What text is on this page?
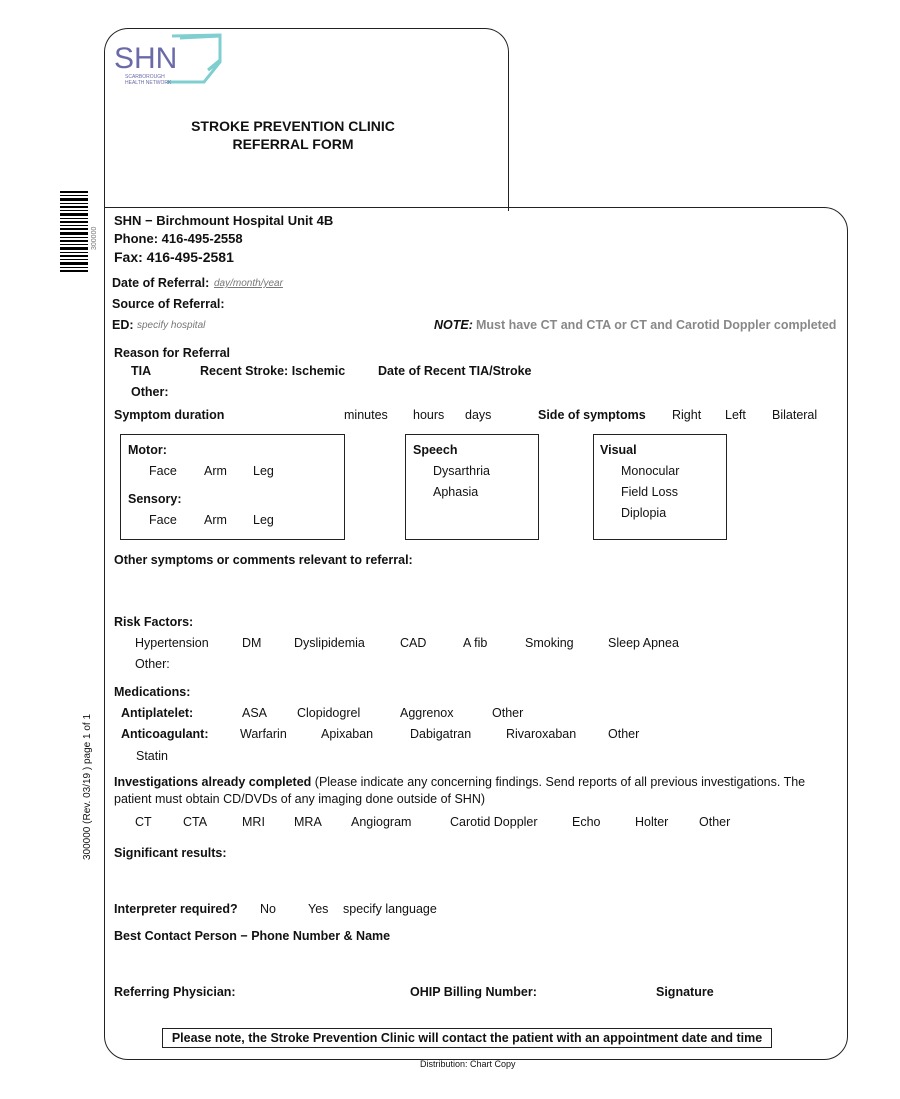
SHN
SCARBOROUGH
HEALTH NETWORK
STROKE PREVENTION CLINIC
REFERRAL FORM
300000
300000 (Rev. 03/19 ) page 1 of 1
SHN − Birchmount Hospital Unit 4B
Phone: 416-495-2558
Fax: 416-495-2581
Date of Referral: day/month/year
Source of Referral:
ED: specify hospital	NOTE: Must have CT and CTA or CT and Carotid Doppler completed
Reason for Referral
TIA	Recent Stroke: Ischemic	Date of Recent TIA/Stroke
Other:
Symptom duration	minutes hours days	Side of symptoms Right Left Bilateral
Motor:
Face Arm Leg
Sensory:
Face Arm Leg
Speech
Dysarthria
Aphasia
Visual
Monocular
Field Loss
Diplopia
Other symptoms or comments relevant to referral:
Risk Factors:
Hypertension	DM	Dyslipidemia	CAD	A fib	Smoking	Sleep Apnea
Other:
Medications:
Antiplatelet:	ASA Clopidogrel	Aggrenox	Other
Anticoagulant:	Warfarin	Apixaban	Dabigatran	Rivaroxaban	Other
Statin
Investigations already completed (Please indicate any concerning findings. Send reports of all previous investigations. The
patient must obtain CD/DVDs of any imaging done outside of SHN)
CT	CTA	MRI MRA Angiogram	Carotid Doppler	Echo	Holter Other
Significant results:
Interpreter required? No	Yes specify language
Best Contact Person − Phone Number & Name
Referring Physician:	OHIP Billing Number:	Signature
Please note, the Stroke Prevention Clinic will contact the patient with an appointment date and time
Distribution: Chart Copy
